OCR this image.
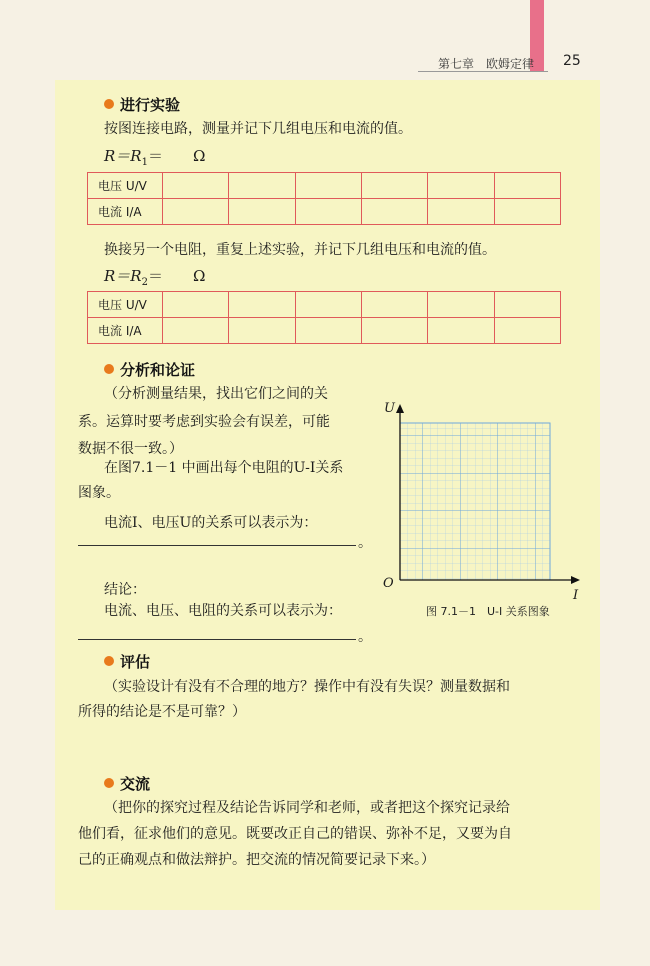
第七章　欧姆定律 25
进行实验
按图连接电路，测量并记下几组电压和电流的值。
$R=R_1=$　　Ω
电压 U/V						
电流 I/A						
换接另一个电阻，重复上述实验，并记下几组电压和电流的值。
$R=R_2=$　　Ω
电压 U/V						
电流 I/A						
分析和论证
（分析测量结果，找出它们之间的关
系。运算时要考虑到实验会有误差，可能
数据不很一致。）
在图7.1－1 中画出每个电阻的U-I关系
图象。
电流I、电压U的关系可以表示为：
。
结论：
电流、电压、电阻的关系可以表示为：
。
U
I
O
图 7.1－1　U-I 关系图象
评估
（实验设计有没有不合理的地方？操作中有没有失误？测量数据和
所得的结论是不是可靠？）
交流
（把你的探究过程及结论告诉同学和老师，或者把这个探究记录给
他们看，征求他们的意见。既要改正自己的错误、弥补不足，又要为自
己的正确观点和做法辩护。把交流的情况简要记录下来。）
